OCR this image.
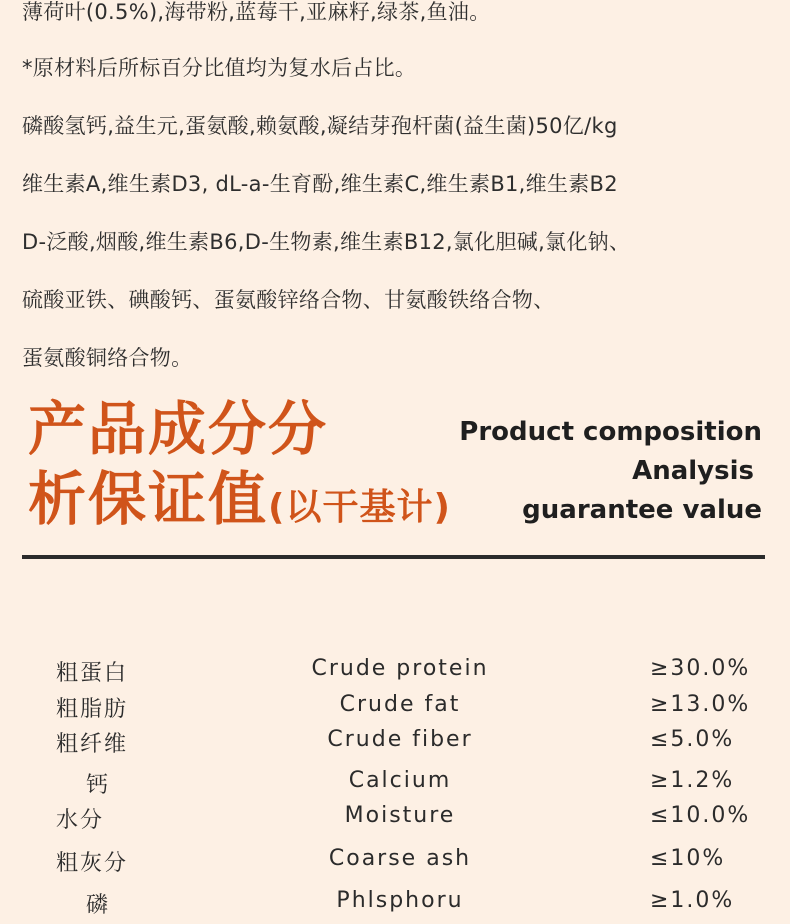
薄荷叶(0.5%),海带粉,蓝莓干,亚麻籽,绿茶,鱼油。
*原材料后所标百分比值均为复水后占比。
磷酸氢钙,益生元,蛋氨酸,赖氨酸,凝结芽孢杆菌(益生菌)50亿/kg
维生素A,维生素D3, dL-a-生育酚,维生素C,维生素B1,维生素B2
D-泛酸,烟酸,维生素B6,D-生物素,维生素B12,氯化胆碱,氯化钠、
硫酸亚铁、碘酸钙、蛋氨酸锌络合物、甘氨酸铁络合物、
蛋氨酸铜络合物。
产品成分分
析保证值(以干基计)
Product composition
Analysis
guarantee value
粗蛋白	Crude protein	≥30.0%
粗脂肪	Crude fat	≥13.0%
粗纤维	Crude fiber	≤5.0%
钙	Calcium	≥1.2%
水分	Moisture	≤10.0%
粗灰分	Coarse ash	≤10%
磷	Phlsphoru	≥1.0%
